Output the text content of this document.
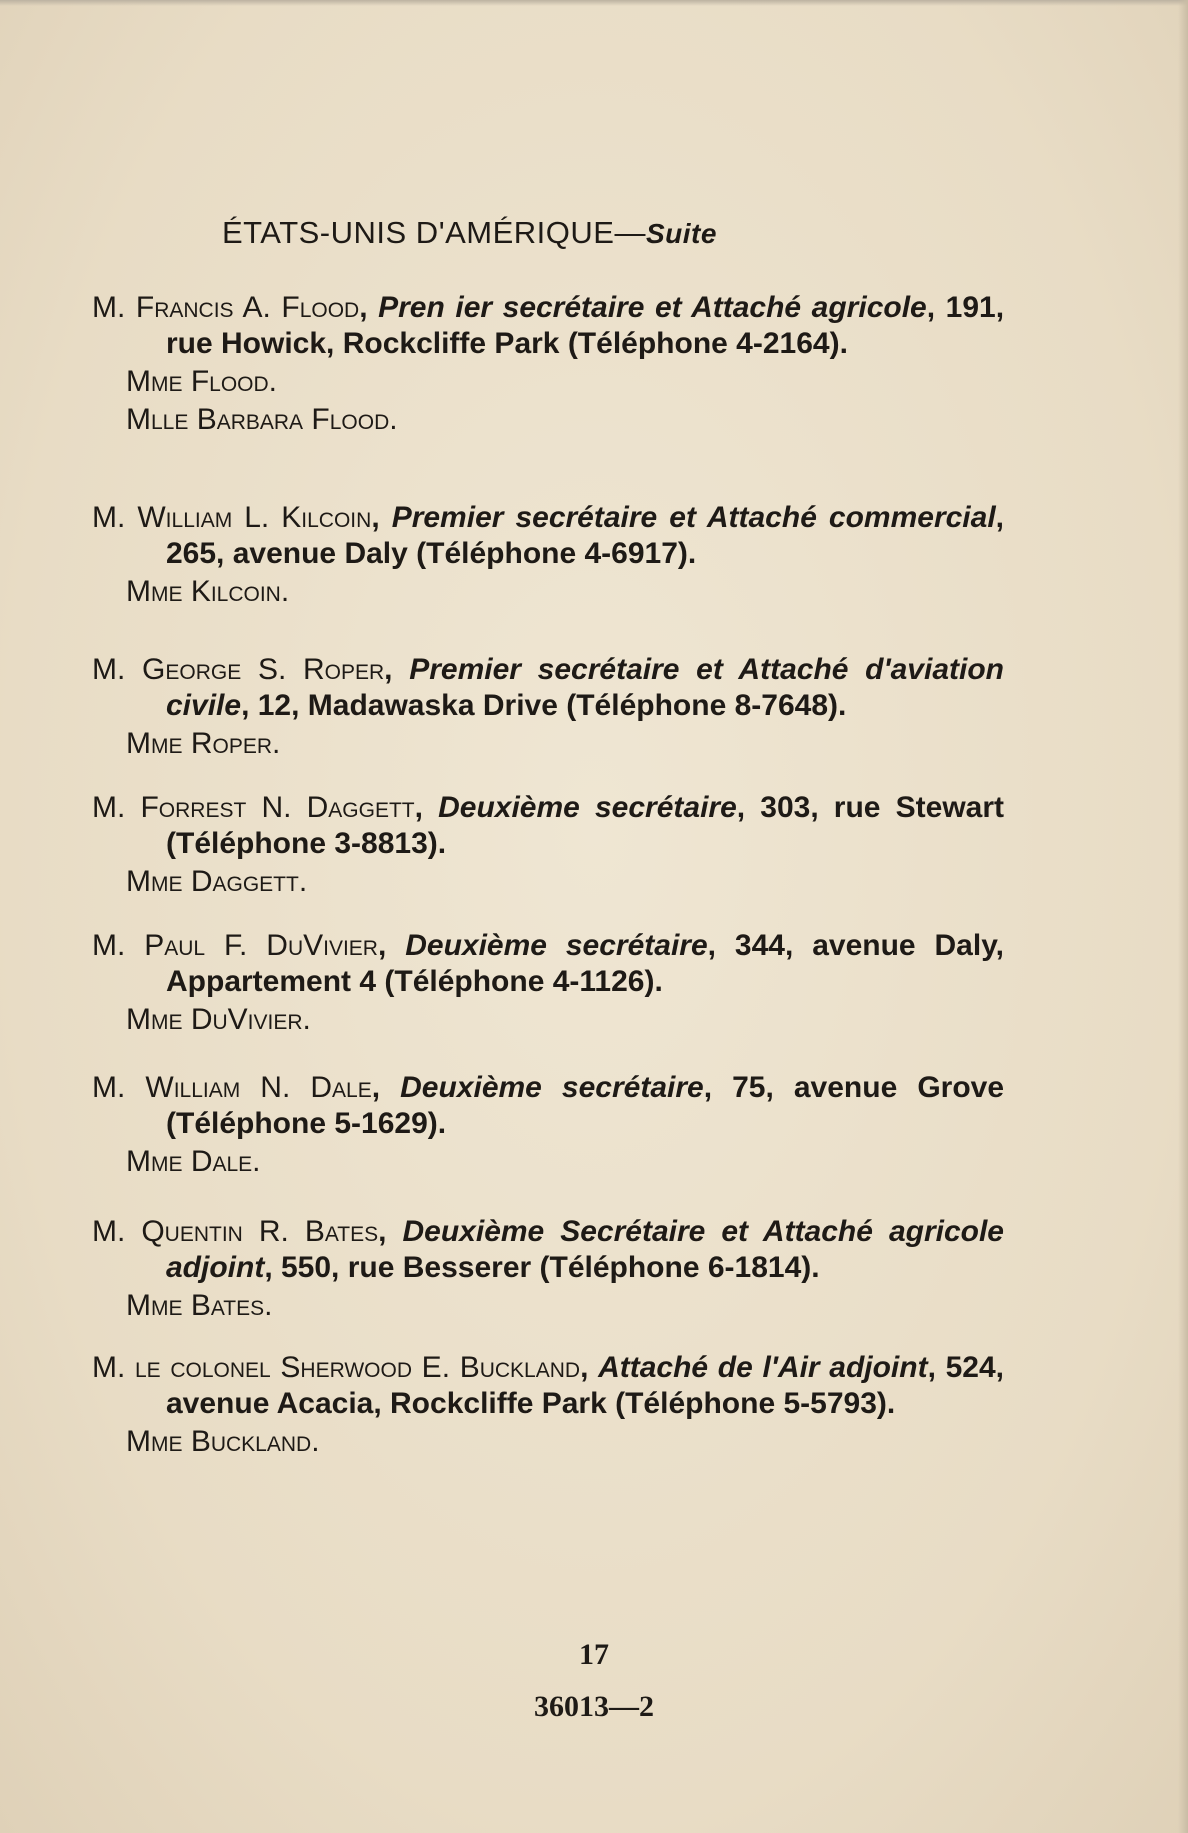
ÉTATS-UNIS D'AMÉRIQUE—Suite

M. Francis A. Flood, Pren ier secrétaire et Attaché agricole, 191, rue Howick, Rockcliffe Park (Téléphone 4-2164).

Mme Flood.

Mlle Barbara Flood.

M. William L. Kilcoin, Premier secrétaire et Attaché commercial, 265, avenue Daly (Téléphone 4-6917).

Mme Kilcoin.

M. George S. Roper, Premier secrétaire et Attaché d'aviation civile, 12, Madawaska Drive (Téléphone 8-7648).

Mme Roper.

M. Forrest N. Daggett, Deuxième secrétaire, 303, rue Stewart (Téléphone 3-8813).

Mme Daggett.

M. Paul F. DuVivier, Deuxième secrétaire, 344, avenue Daly, Appartement 4 (Téléphone 4-1126).

Mme DuVivier.

M. William N. Dale, Deuxième secrétaire, 75, avenue Grove (Téléphone 5-1629).

Mme Dale.

M. Quentin R. Bates, Deuxième Secrétaire et Attaché agricole adjoint, 550, rue Besserer (Téléphone 6-1814).

Mme Bates.

M. le colonel Sherwood E. Buckland, Attaché de l'Air adjoint, 524, avenue Acacia, Rockcliffe Park (Téléphone 5-5793).

Mme Buckland.

17
36013—2
